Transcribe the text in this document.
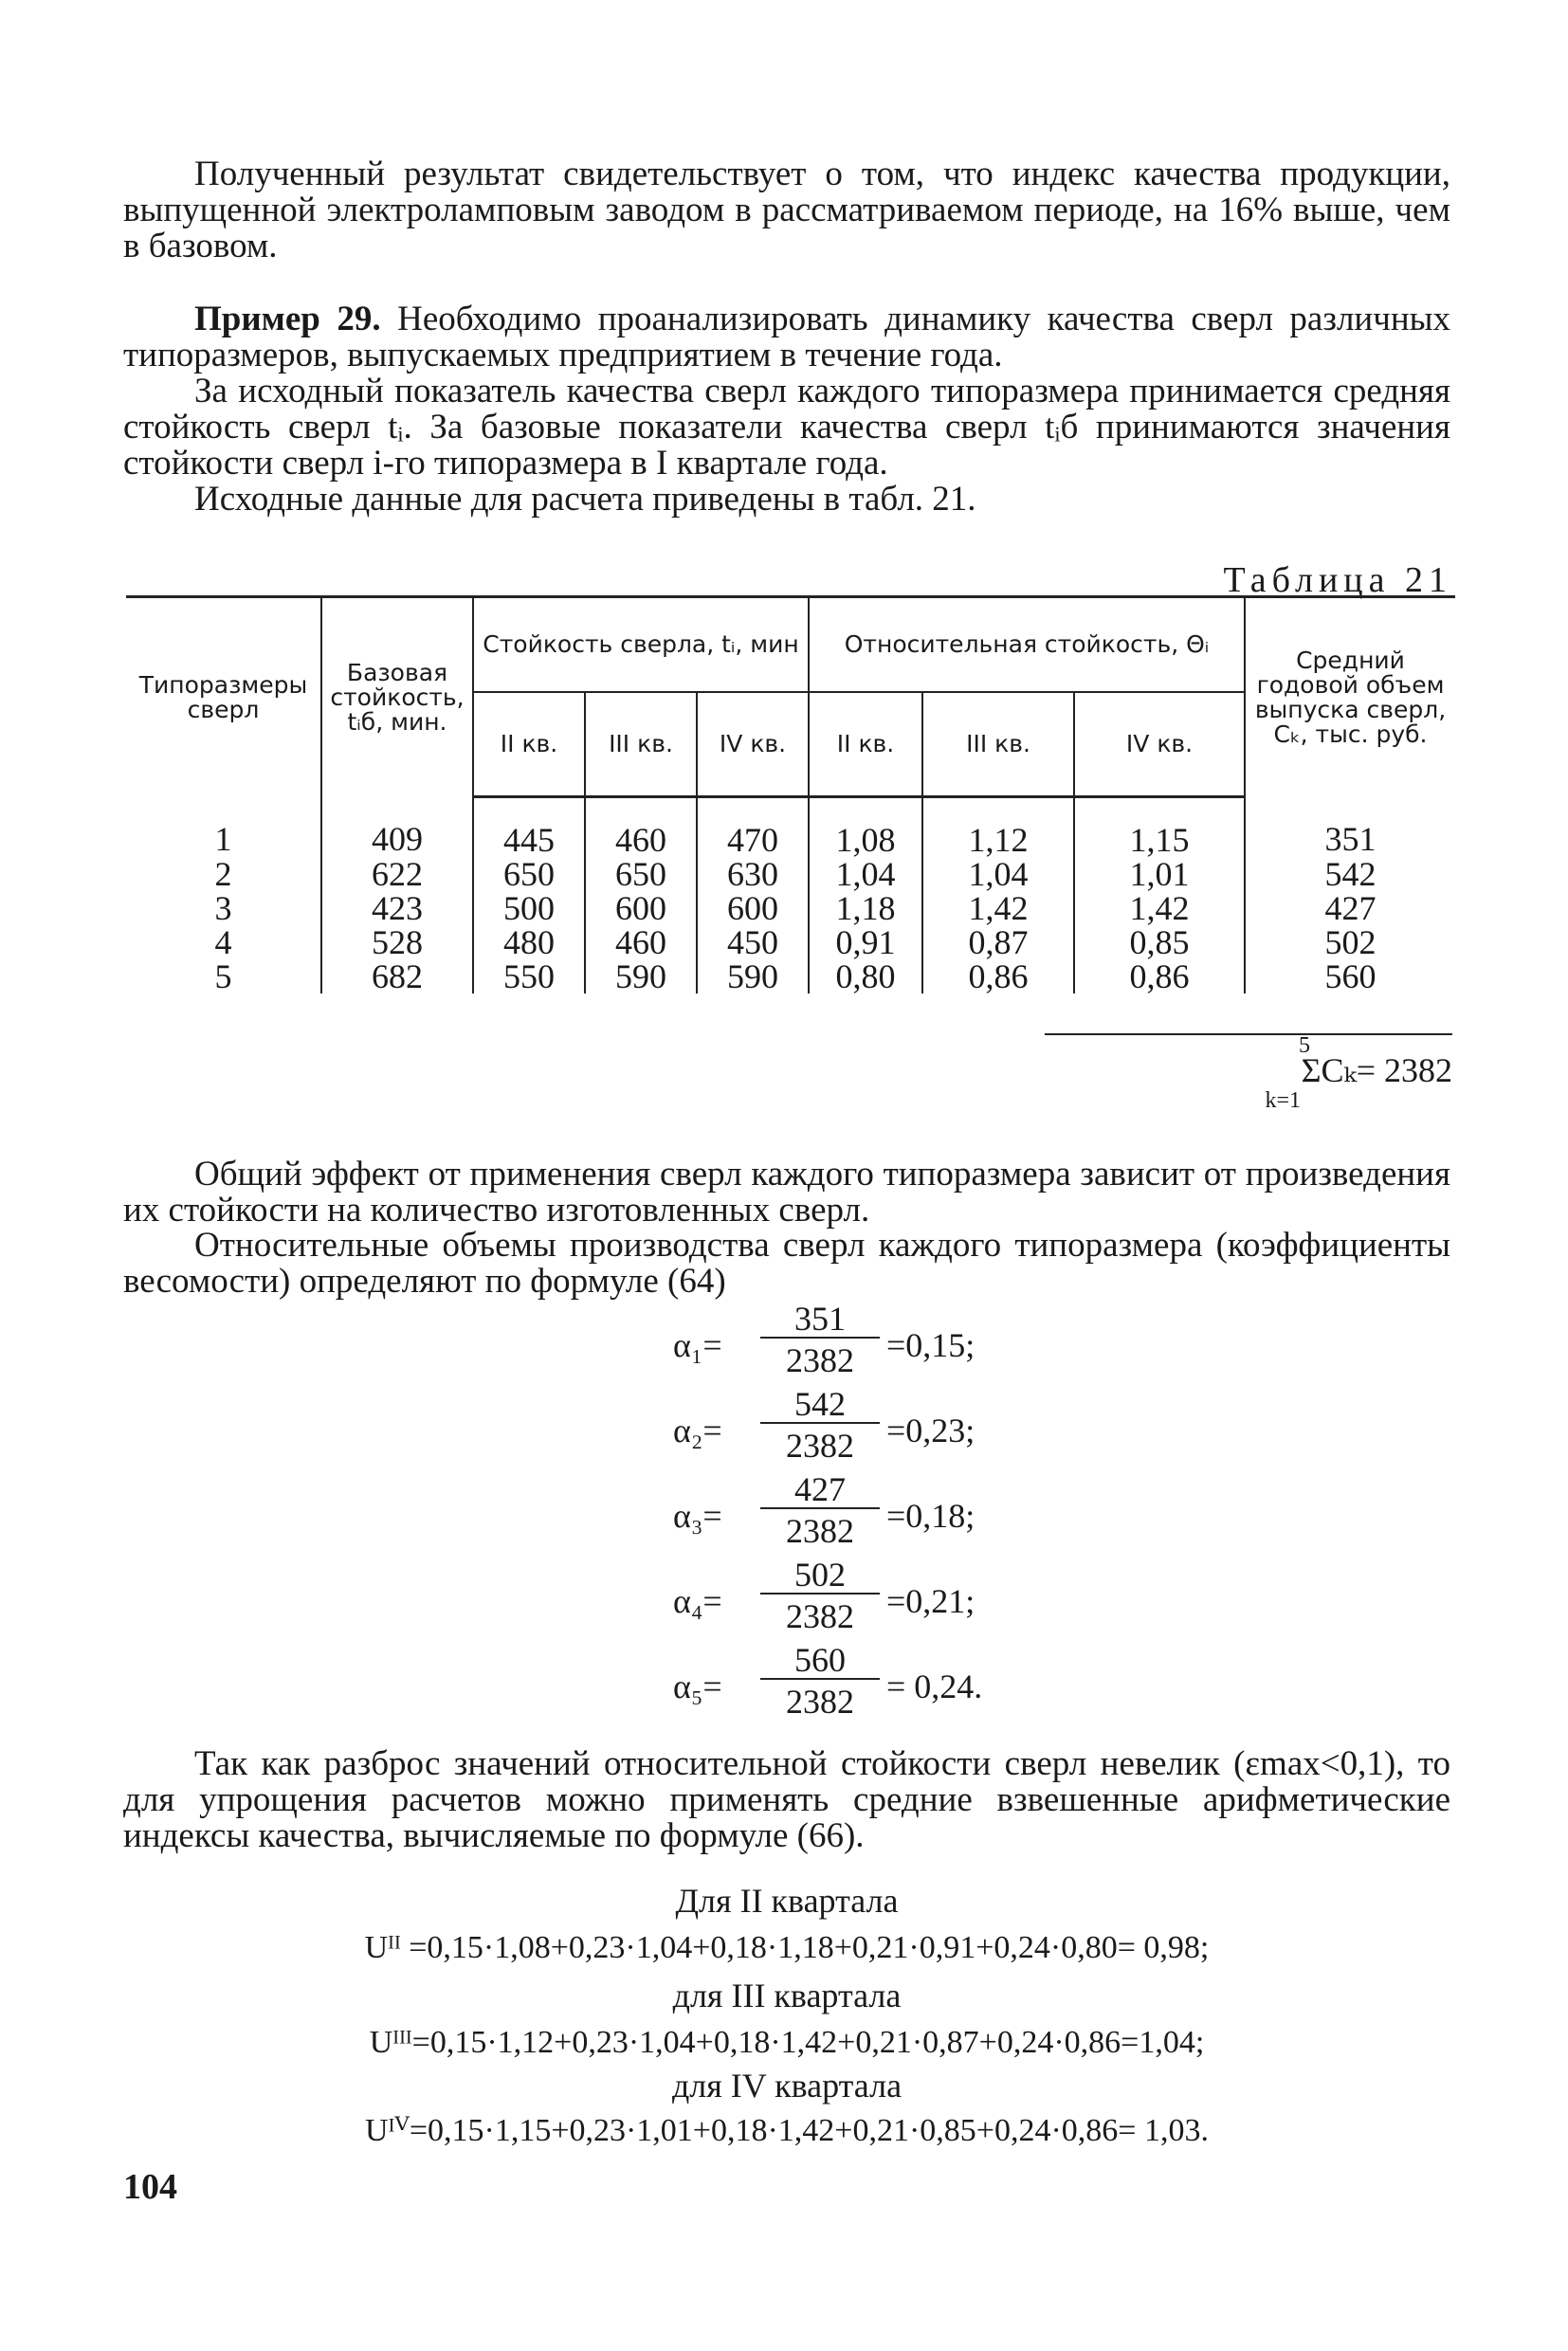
Полученный результат свидетельствует о том, что индекс качества продукции, выпущенной электроламповым заводом в рассматриваемом периоде, на 16% выше, чем в базовом.

Пример 29. Необходимо проанализировать динамику качества сверл различных типоразмеров, выпускаемых предприятием в течение года.

За исходный показатель качества сверл каждого типоразмера принимается средняя стойкость сверл tᵢ. За базовые показатели качества сверл tᵢб принимаются значения стойкости сверл i-го типоразмера в I квартале года.

Исходные данные для расчета приведены в табл. 21.

Таблица 21
Типоразмеры сверл	Базовая стойкость, tᵢб, мин.	Стойкость сверла, tᵢ, мин			Относительная стойкость, Θᵢ			Средний годовой объем выпуска сверл, Cₖ, тыс. руб.
		II кв.	III кв.	IV кв.	II кв.	III кв.	IV кв.	
1	409	445	460	470	1,08	1,12	1,15	351
2	622	650	650	630	1,04	1,04	1,01	542
3	423	500	600	600	1,18	1,42	1,42	427
4	528	480	460	450	0,91	0,87	0,85	502
5	682	550	590	590	0,80	0,86	0,86	560
5
ΣCₖ= 2382
k=1

Общий эффект от применения сверл каждого типоразмера зависит от произведения их стойкости на количество изготовленных сверл.

Относительные объемы производства сверл каждого типоразмера (коэффициенты весомости) определяют по формуле (64)

α₁=
351
2382 =0,15;
α₂=
542
2382 =0,23;
α₃=
427
2382 =0,18;
α₄=
502
2382 =0,21;
α₅=
560
2382 = 0,24.

Так как разброс значений относительной стойкости сверл невелик (εmax<0,1), то для упрощения расчетов можно применять средние взвешенные арифметические индексы качества, вычисляемые по формуле (66).

Для II квартала
Uᴵᴵ =0,15·1,08+0,23·1,04+0,18·1,18+0,21·0,91+0,24·0,80= 0,98;
для III квартала
Uᴵᴵᴵ=0,15·1,12+0,23·1,04+0,18·1,42+0,21·0,87+0,24·0,86=1,04;
для IV квартала
Uᴵⱽ=0,15·1,15+0,23·1,01+0,18·1,42+0,21·0,85+0,24·0,86= 1,03.
104
